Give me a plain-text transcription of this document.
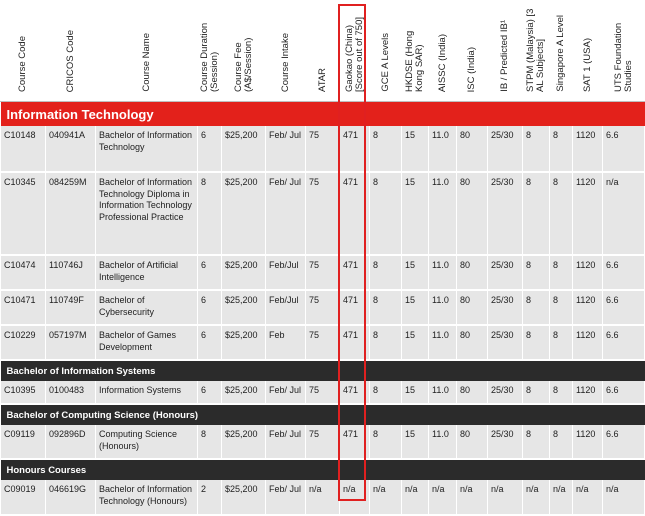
Course Code	CRICOS Code	Course Name	Course Duration (Session)	Course Fee (A$/Session)	Course Intake	ATAR	Gaokao (China) [Score out of 750]	GCE A Levels	HKDSE (Hong Kong SAR)	AISSC (India)	ISC (India)	IB / Predicted IB¹	STPM (Malaysia) [3 AL Subjects]	Singapore A Level	SAT 1 (USA)	UTS Foundation Studies
Information Technology																
C10148	040941A	Bachelor of Information Technology	6	$25,200	Feb/ Jul	75	471	8	15	11.0	80	25/30	8	8	1120	6.6
C10345	084259M	Bachelor of Information Technology Diploma in Information Technology Professional Practice	8	$25,200	Feb/ Jul	75	471	8	15	11.0	80	25/30	8	8	1120	n/a
C10474	110746J	Bachelor of Artificial Intelligence	6	$25,200	Feb/Jul	75	471	8	15	11.0	80	25/30	8	8	1120	6.6
C10471	110749F	Bachelor of Cybersecurity	6	$25,200	Feb/Jul	75	471	8	15	11.0	80	25/30	8	8	1120	6.6
C10229	057197M	Bachelor of Games Development	6	$25,200	Feb	75	471	8	15	11.0	80	25/30	8	8	1120	6.6
Bachelor of Information Systems																
C10395	0100483	Information Systems	6	$25,200	Feb/ Jul	75	471	8	15	11.0	80	25/30	8	8	1120	6.6
Bachelor of Computing Science (Honours)																
C09119	092896D	Computing Science (Honours)	8	$25,200	Feb/ Jul	75	471	8	15	11.0	80	25/30	8	8	1120	6.6
Honours Courses																
C09019	046619G	Bachelor of Information Technology (Honours)	2	$25,200	Feb/ Jul	n/a	n/a	n/a	n/a	n/a	n/a	n/a	n/a	n/a	n/a	n/a
